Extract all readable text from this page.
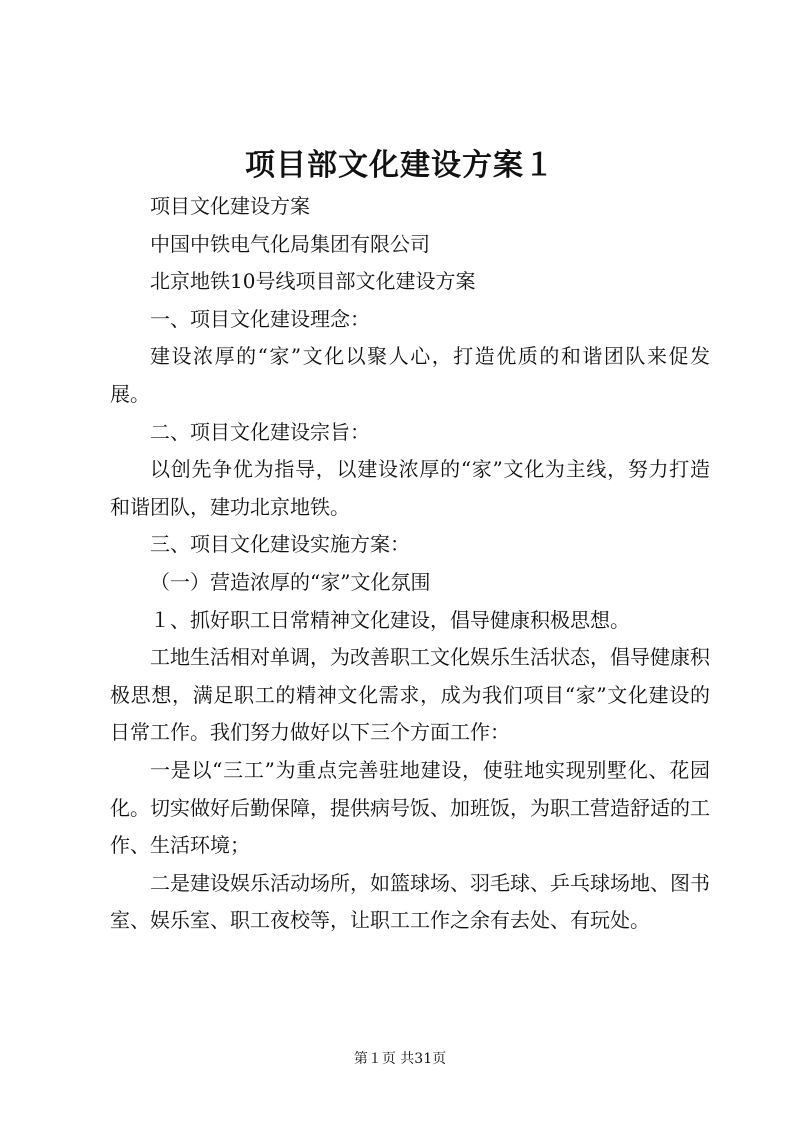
项目部文化建设方案１

项目文化建设方案

中国中铁电气化局集团有限公司

北京地铁10号线项目部文化建设方案

一、项目文化建设理念：

建设浓厚的“家”文化以聚人心，打造优质的和谐团队来促发展。

二、项目文化建设宗旨：

以创先争优为指导，以建设浓厚的“家”文化为主线，努力打造和谐团队，建功北京地铁。

三、项目文化建设实施方案：

（一）营造浓厚的“家”文化氛围

１、抓好职工日常精神文化建设，倡导健康积极思想。

工地生活相对单调，为改善职工文化娱乐生活状态，倡导健康积极思想，满足职工的精神文化需求，成为我们项目“家”文化建设的日常工作。我们努力做好以下三个方面工作：

一是以“三工”为重点完善驻地建设，使驻地实现别墅化、花园化。切实做好后勤保障，提供病号饭、加班饭，为职工营造舒适的工作、生活环境；

二是建设娱乐活动场所，如篮球场、羽毛球、乒乓球场地、图书室、娱乐室、职工夜校等，让职工工作之余有去处、有玩处。

第１页 共31页
